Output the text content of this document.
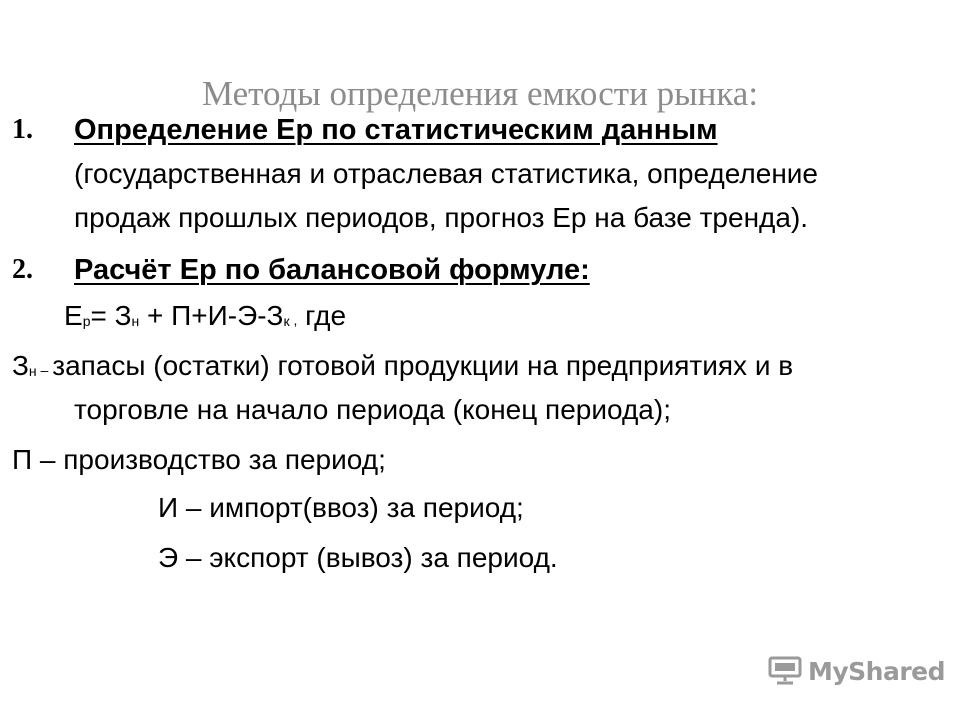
Методы определения емкости рынка:
1. Определение Ер по статистическим данным
(государственная и отраслевая статистика, определение
продаж прошлых периодов, прогноз Ер на базе тренда).
2. Расчёт Ер по балансовой формуле:
$Е_р= З_н + П+И-Э-З_к$ , где
$З_н$ – запасы (остатки) готовой продукции на предприятиях и в
торговле на начало периода (конец периода);
П – производство за период;
И – импорт(ввоз) за период;
Э – экспорт (вывоз) за период.
MyShared
